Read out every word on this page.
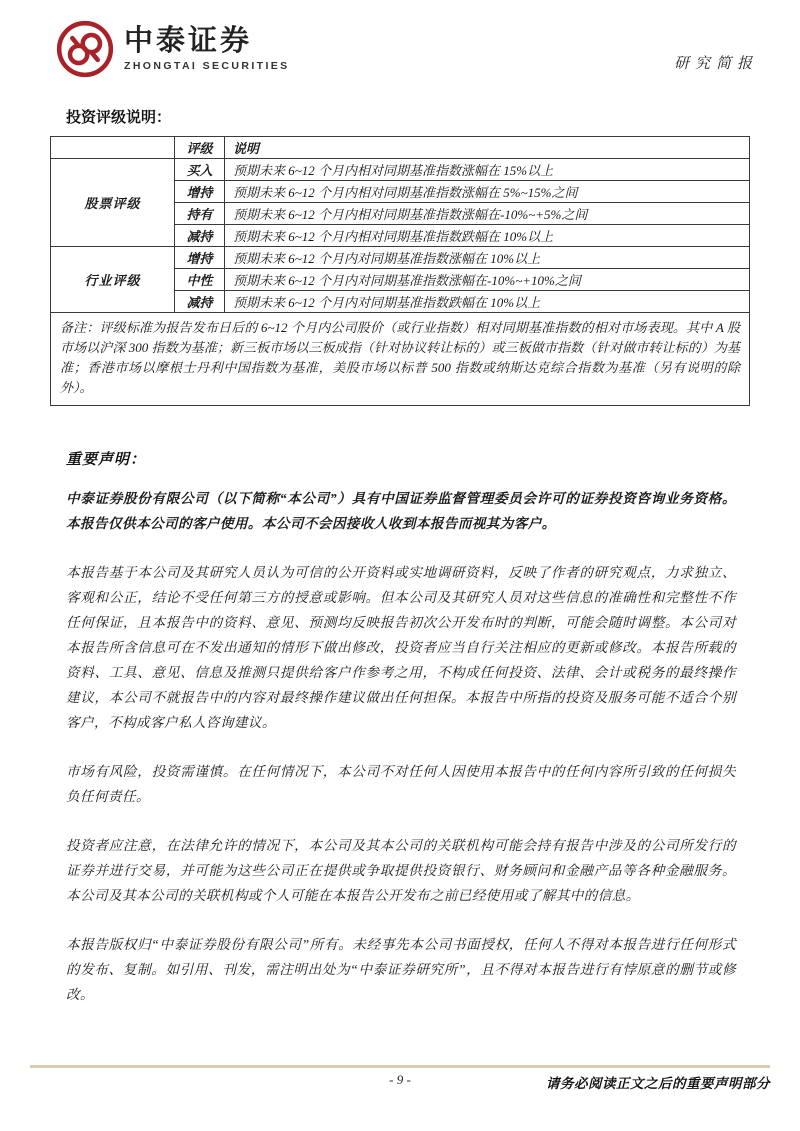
中泰证券
ZHONGTAI SECURITIES	研究简报
投资评级说明：
	评级	说明
股票评级	买入	预期未来 6~12 个月内相对同期基准指数涨幅在 15%以上
	增持	预期未来 6~12 个月内相对同期基准指数涨幅在 5%~15%之间
	持有	预期未来 6~12 个月内相对同期基准指数涨幅在-10%~+5%之间
	减持	预期未来 6~12 个月内相对同期基准指数跌幅在 10%以上
行业评级	增持	预期未来 6~12 个月内对同期基准指数涨幅在 10%以上
	中性	预期未来 6~12 个月内对同期基准指数涨幅在-10%~+10%之间
	减持	预期未来 6~12 个月内对同期基准指数跌幅在 10%以上
备注：评级标准为报告发布日后的 6~12 个月内公司股价（或行业指数）相对同期基准指数的相对市场表现。其中 A 股市场以沪深 300 指数为基准；新三板市场以三板成指（针对协议转让标的）或三板做市指数（针对做市转让标的）为基准；香港市场以摩根士丹利中国指数为基准，美股市场以标普 500 指数或纳斯达克综合指数为基准（另有说明的除外）。		
重要声明：

中泰证券股份有限公司（以下简称“本公司”）具有中国证券监督管理委员会许可的证券投资咨询业务资格。本报告仅供本公司的客户使用。本公司不会因接收人收到本报告而视其为客户。

本报告基于本公司及其研究人员认为可信的公开资料或实地调研资料，反映了作者的研究观点，力求独立、客观和公正，结论不受任何第三方的授意或影响。但本公司及其研究人员对这些信息的准确性和完整性不作任何保证，且本报告中的资料、意见、预测均反映报告初次公开发布时的判断，可能会随时调整。本公司对本报告所含信息可在不发出通知的情形下做出修改，投资者应当自行关注相应的更新或修改。本报告所载的资料、工具、意见、信息及推测只提供给客户作参考之用，不构成任何投资、法律、会计或税务的最终操作建议，本公司不就报告中的内容对最终操作建议做出任何担保。本报告中所指的投资及服务可能不适合个别客户，不构成客户私人咨询建议。

市场有风险，投资需谨慎。在任何情况下，本公司不对任何人因使用本报告中的任何内容所引致的任何损失负任何责任。

投资者应注意，在法律允许的情况下，本公司及其本公司的关联机构可能会持有报告中涉及的公司所发行的证券并进行交易，并可能为这些公司正在提供或争取提供投资银行、财务顾问和金融产品等各种金融服务。本公司及其本公司的关联机构或个人可能在本报告公开发布之前已经使用或了解其中的信息。

本报告版权归“中泰证券股份有限公司”所有。未经事先本公司书面授权，任何人不得对本报告进行任何形式的发布、复制。如引用、刊发，需注明出处为“中泰证券研究所”，且不得对本报告进行有悖原意的删节或修改。

- 9 -	请务必阅读正文之后的重要声明部分
